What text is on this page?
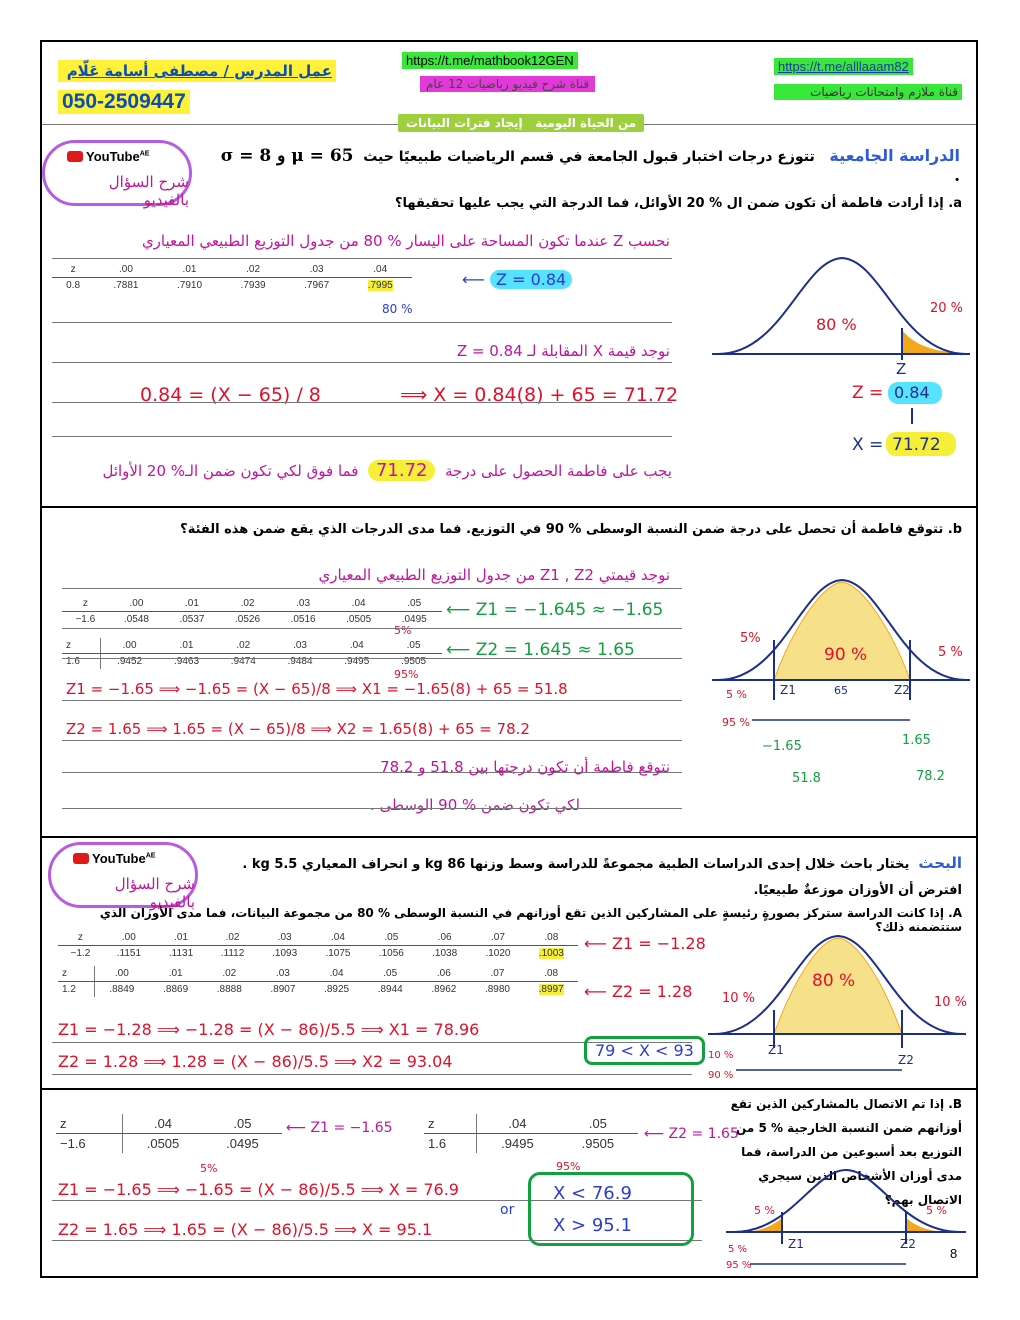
عمل المدرس / مصطفى أسامة عَلّام
050-2509447
https://t.me/mathbook12GEN
قناة شرح فيديو رياضيات 12 عام
https://t.me/alllaaam82
قناة ملازم وامتحانات رياضيات
من الحياة اليومية   إيجاد فترات البيانات
YouTube$^{AE}$
شرح السؤال بالفيديو
الدراسة الجامعية   تتوزع درجات اختبار قبول الجامعة في قسم الرياضيات طبيعيًا حيث  σ = 8 و μ = 65 .
a. إذا أرادت فاطمة أن تكون ضمن ال % 20 الأوائل، فما الدرجة التي يجب عليها تحقيقها؟
نحسب Z عندما تكون المساحة على اليسار % 80 من جدول التوزيع الطبيعي المعياري
z	.00	.01	.02	.03	.04
0.8	.7881	.7910	.7939	.7967	.7995
80 %
⟵ Z = 0.84
نوجد قيمة X المقابلة لـ Z = 0.84
0.84 = (X − 65) / 8	⟹ X = 0.84(8) + 65 = 71.72
يجب على فاطمة الحصول على درجة  71.72  فما فوق لكي تكون ضمن الـ% 20 الأوائل
80 %
20 %
Z
Z = 0.84
X = 71.72
b. تتوقع فاطمة أن تحصل على درجة ضمن النسبة الوسطى % 90 في التوزيع. فما مدى الدرجات الذي يقع ضمن هذه الفئة؟
نوجد قيمتي Z1 , Z2 من جدول التوزيع الطبيعي المعياري
z	.00	.01	.02	.03	.04	.05
−1.6	.0548	.0537	.0526	.0516	.0505	.0495
z	.00	.01	.02	.03	.04	.05
1.6	.9452	.9463	.9474	.9484	.9495	.9505
5%
95%
⟵ Z1 = −1.645 ≈ −1.65
⟵ Z2 = 1.645 ≈ 1.65
Z1 = −1.65 ⟹ −1.65 = (X − 65)/8 ⟹ X1 = −1.65(8) + 65 = 51.8
Z2 = 1.65 ⟹ 1.65 = (X − 65)/8 ⟹ X2 = 1.65(8) + 65 = 78.2
نتوقع فاطمة أن تكون درجتها بين 51.8 و 78.2
لكي تكون ضمن % 90 الوسطى .
90 %
5%
5 %
65
Z1	Z2
5 %
95 %
−1.65	1.65
51.8	78.2
YouTube$^{AE}$
شرح السؤال بالفيديو
البحث  يختار باحث خلال إحدى الدراسات الطبية مجموعةً للدراسة وسط وزنها 86 kg و انحراف المعياري 5.5 kg . افترض أن الأوزان موزعةٌ طبيعيًا.
A. إذا كانت الدراسة ستركز بصورةٍ رئيسةٍ على المشاركين الذين تقع أوزانهم في النسبة الوسطى % 80 من مجموعة البيانات، فما مدى الأوزان الذي ستتضمنه ذلك؟
z	.00	.01	.02	.03	.04	.05	.06	.07	.08
−1.2	.1151	.1131	.1112	.1093	.1075	.1056	.1038	.1020	.1003
z	.00	.01	.02	.03	.04	.05	.06	.07	.08
1.2	.8849	.8869	.8888	.8907	.8925	.8944	.8962	.8980	.8997
⟵ Z1 = −1.28
⟵ Z2 = 1.28
Z1 = −1.28 ⟹ −1.28 = (X − 86)/5.5 ⟹ X1 = 78.96
Z2 = 1.28 ⟹ 1.28 = (X − 86)/5.5 ⟹ X2 = 93.04
79 < X < 93
80 %
10 %	10 %
Z1
Z2
10 %
90 %
B. إذا تم الاتصال بالمشاركين الذين تقع أوزانهم ضمن النسبة الخارجية % 5 من التوزيع بعد أسبوعين من الدراسة، فما مدى أوزان الأشخاص الذين سيجري الاتصال بهم؟
z	.04	.05
−1.6	.0505	.0495
z	.04	.05
1.6	.9495	.9505
⟵ Z1 = −1.65	⟵ Z2 = 1.65
5%	95%
Z1 = −1.65 ⟹ −1.65 = (X − 86)/5.5 ⟹ X = 76.9
Z2 = 1.65 ⟹ 1.65 = (X − 86)/5.5 ⟹ X = 95.1
X < 76.9
X > 95.1
or	5 %	5 %
Z1	Z2
5 %
95 %
8
